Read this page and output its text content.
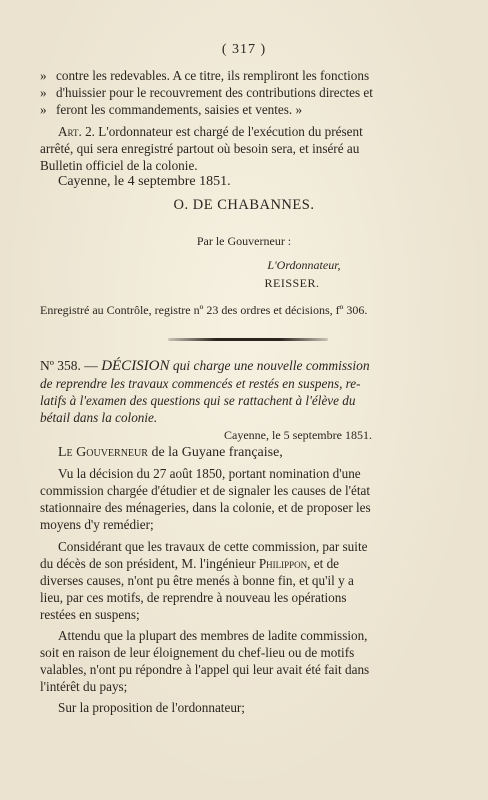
( 317 )
» contre les redevables. A ce titre, ils rempliront les fonctions
» d'huissier pour le recouvrement des contributions directes et
» feront les commandements, saisies et ventes. »
Art. 2. L'ordonnateur est chargé de l'exécution du présent
arrêté, qui sera enregistré partout où besoin sera, et inséré au
Bulletin officiel de la colonie.
Cayenne, le 4 septembre 1851.
O. DE CHABANNES.
Par le Gouverneur :
L'Ordonnateur,
REISSER.
Enregistré au Contrôle, registre nº 23 des ordres et décisions, fº 306.
Nº 358. — DÉCISION qui charge une nouvelle commission
de reprendre les travaux commencés et restés en suspens, re-
latifs à l'examen des questions qui se rattachent à l'élève du
bétail dans la colonie.
Cayenne, le 5 septembre 1851.
Le Gouverneur de la Guyane française,
Vu la décision du 27 août 1850, portant nomination d'une
commission chargée d'étudier et de signaler les causes de l'état
stationnaire des ménageries, dans la colonie, et de proposer les
moyens d'y remédier;
Considérant que les travaux de cette commission, par suite
du décès de son président, M. l'ingénieur Philippon, et de
diverses causes, n'ont pu être menés à bonne fin, et qu'il y a
lieu, par ces motifs, de reprendre à nouveau les opérations
restées en suspens;
Attendu que la plupart des membres de ladite commission,
soit en raison de leur éloignement du chef-lieu ou de motifs
valables, n'ont pu répondre à l'appel qui leur avait été fait dans
l'intérêt du pays;
Sur la proposition de l'ordonnateur;
